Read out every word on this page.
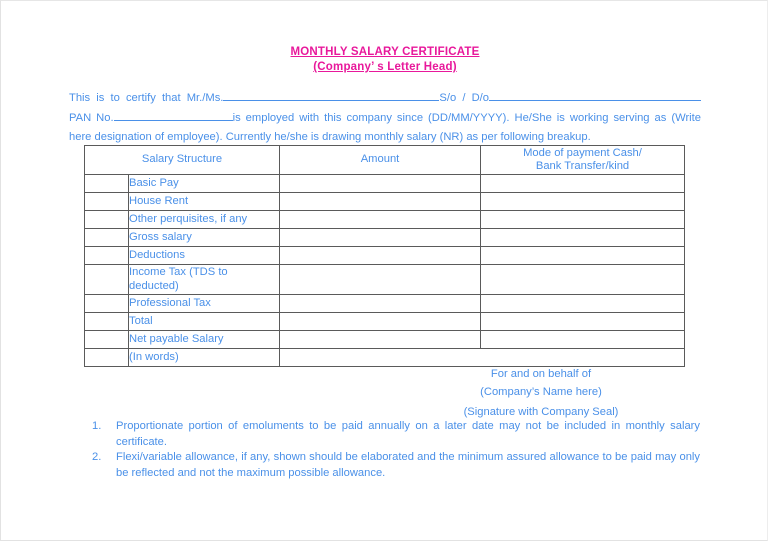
MONTHLY SALARY CERTIFICATE
(Company’ s Letter Head)
This is to certify that Mr./Ms.	S/o / D/oPAN No.	is employed with this company since (DD/MM/YYYY). He/She is working serving as (Write here designation of employee). Currently he/she is drawing monthly salary (NR) as per following breakup.
Salary Structure		Amount	Mode of payment Cash/
Bank Transfer/kind
	Basic Pay		
	House Rent		
	Other perquisites, if any		
	Gross salary		
	Deductions		
	Income Tax (TDS to deducted)		
	Professional Tax		
	Total		
	Net payable Salary		
	(In words)		
For and on behalf of
(Company’s Name here)
(Signature with Company Seal)
1.	Proportionate portion of emoluments to be paid annually on a later date may not be included in monthly salary certificate.
2.	Flexi/variable allowance, if any, shown should be elaborated and the minimum assured allowance to be paid may only be reflected and not the maximum possible allowance.
